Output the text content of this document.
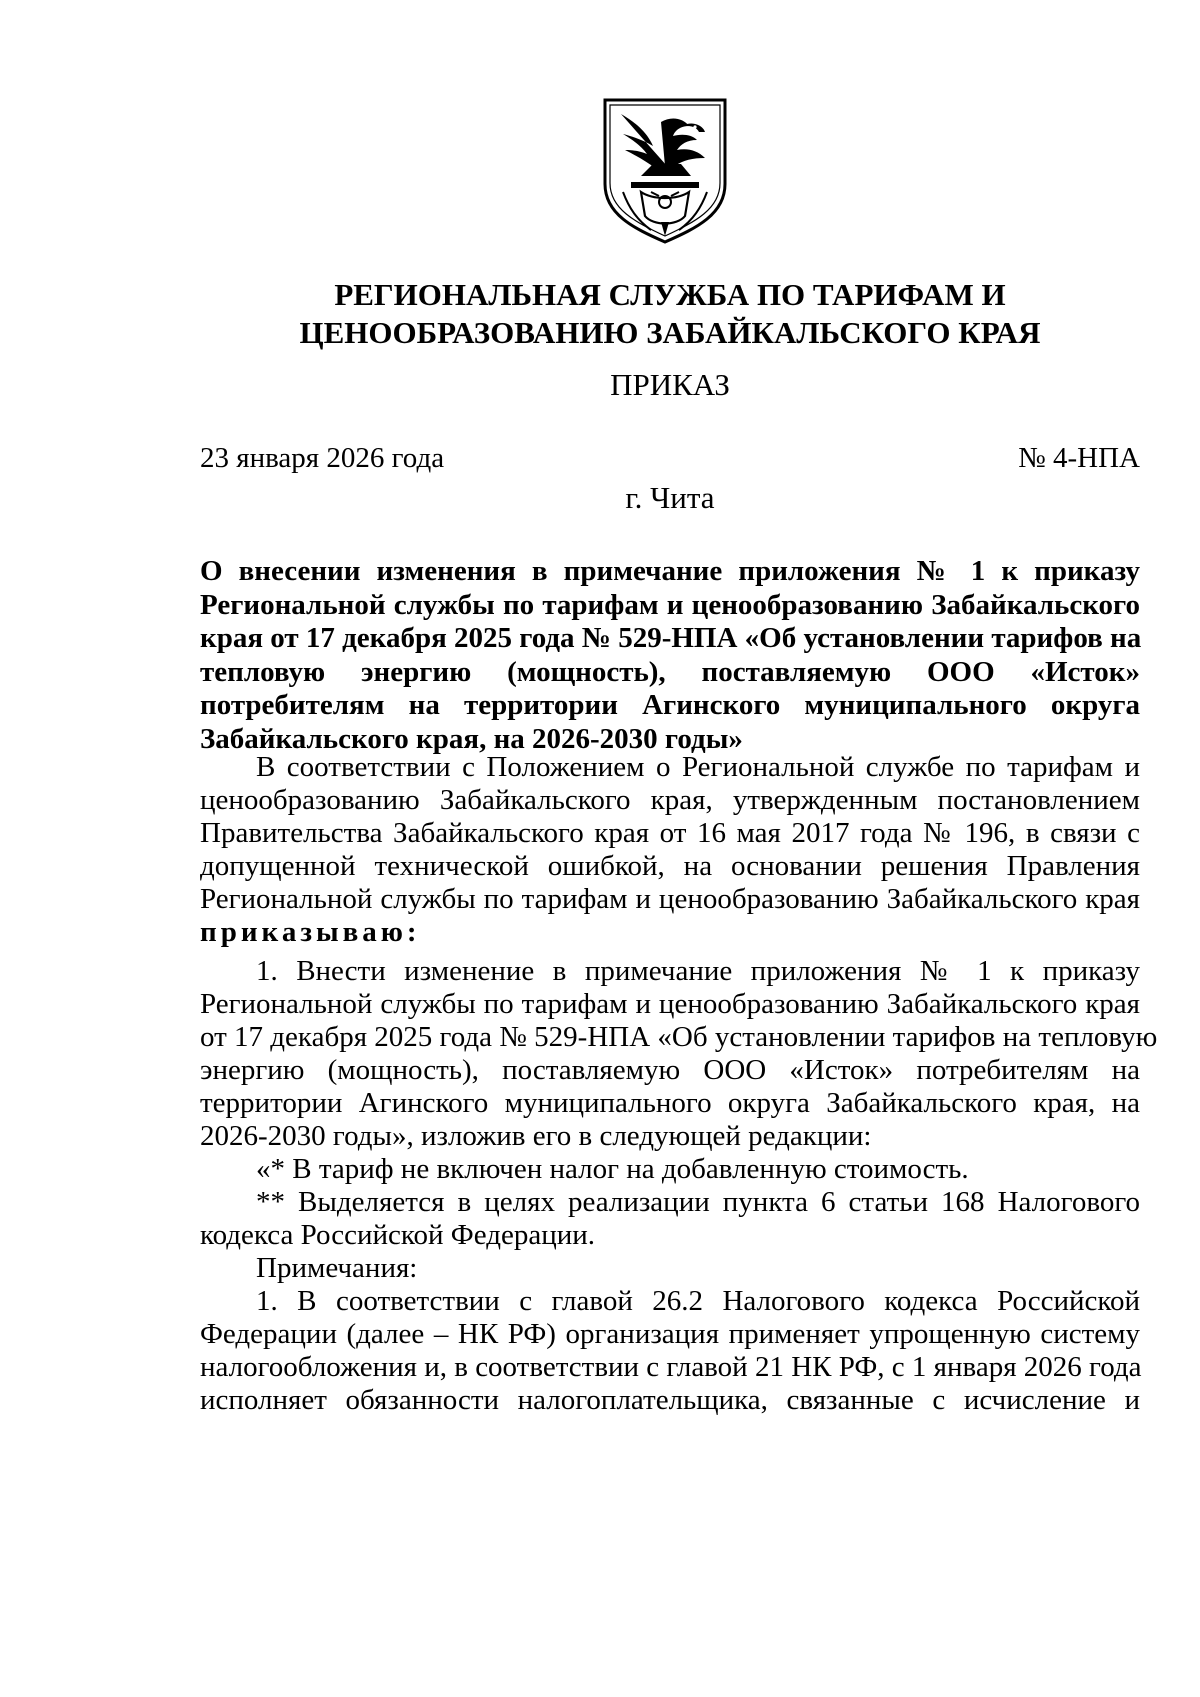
РЕГИОНАЛЬНАЯ СЛУЖБА ПО ТАРИФАМ И
ЦЕНООБРАЗОВАНИЮ ЗАБАЙКАЛЬСКОГО КРАЯ
ПРИКАЗ
23 января 2026 года	№ 4-НПА
г. Чита
О внесении изменения в примечание приложения № 1 к приказу
Региональной службы по тарифам и ценообразованию Забайкальского
края от 17 декабря 2025 года № 529-НПА «Об установлении тарифов на
тепловую энергию (мощность), поставляемую ООО «Исток»
потребителям на территории Агинского муниципального округа
Забайкальского края, на 2026-2030 годы»
В соответствии с Положением о Региональной службе по тарифам и
ценообразованию Забайкальского края, утвержденным постановлением
Правительства Забайкальского края от 16 мая 2017 года № 196, в связи с
допущенной технической ошибкой, на основании решения Правления
Региональной службы по тарифам и ценообразованию Забайкальского края
приказываю:
1. Внести изменение в примечание приложения № 1 к приказу
Региональной службы по тарифам и ценообразованию Забайкальского края
от 17 декабря 2025 года № 529-НПА «Об установлении тарифов на тепловую
энергию (мощность), поставляемую ООО «Исток» потребителям на
территории Агинского муниципального округа Забайкальского края, на
2026-2030 годы», изложив его в следующей редакции:
«* В тариф не включен налог на добавленную стоимость.
** Выделяется в целях реализации пункта 6 статьи 168 Налогового
кодекса Российской Федерации.
Примечания:
1. В соответствии с главой 26.2 Налогового кодекса Российской
Федерации (далее – НК РФ) организация применяет упрощенную систему
налогообложения и, в соответствии с главой 21 НК РФ, с 1 января 2026 года
исполняет обязанности налогоплательщика, связанные с исчисление и
